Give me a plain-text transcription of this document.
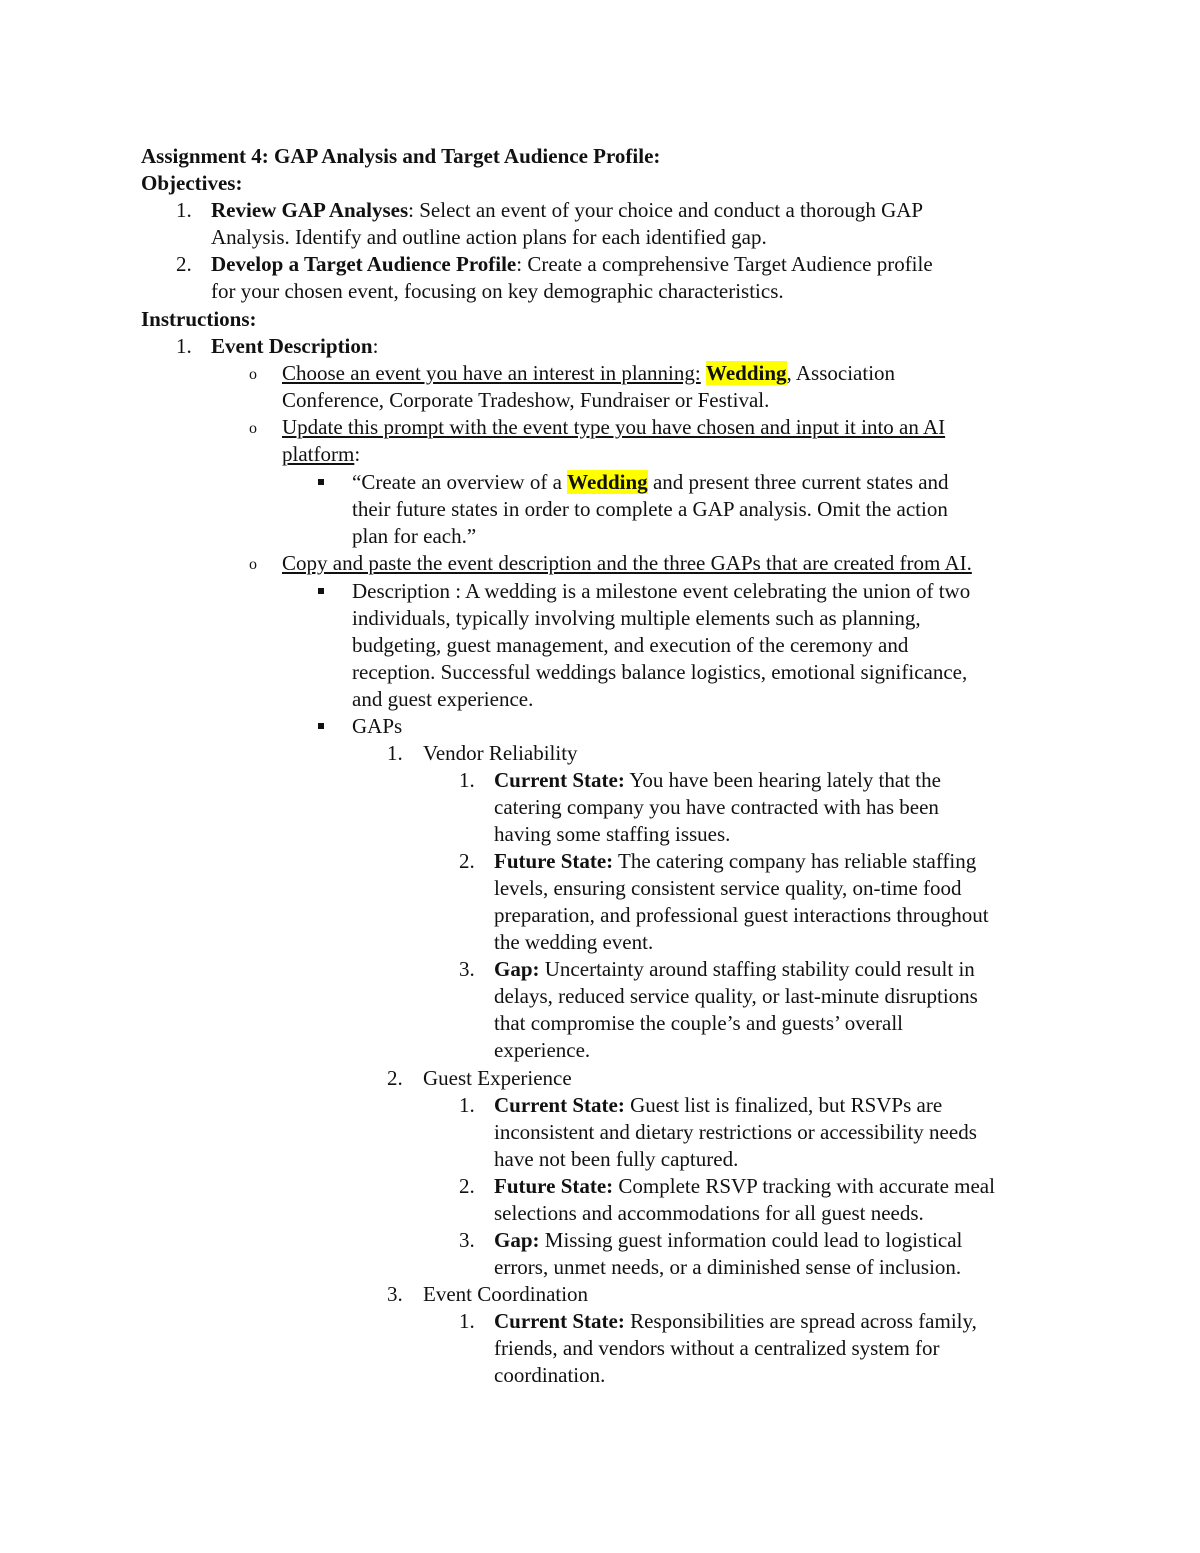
Assignment 4: GAP Analysis and Target Audience Profile:
Objectives:
1. Review GAP Analyses: Select an event of your choice and conduct a thorough GAP
Analysis. Identify and outline action plans for each identified gap.
2. Develop a Target Audience Profile: Create a comprehensive Target Audience profile
for your chosen event, focusing on key demographic characteristics.
Instructions:
1. Event Description:
o Choose an event you have an interest in planning: Wedding, Association
Conference, Corporate Tradeshow, Fundraiser or Festival.
o Update this prompt with the event type you have chosen and input it into an AI
platform:
“Create an overview of a Wedding and present three current states and
their future states in order to complete a GAP analysis. Omit the action
plan for each.”
o Copy and paste the event description and the three GAPs that are created from AI.
Description : A wedding is a milestone event celebrating the union of two
individuals, typically involving multiple elements such as planning,
budgeting, guest management, and execution of the ceremony and
reception. Successful weddings balance logistics, emotional significance,
and guest experience.
GAPs
1. Vendor Reliability
1. Current State: You have been hearing lately that the
catering company you have contracted with has been
having some staffing issues.
2. Future State: The catering company has reliable staffing
levels, ensuring consistent service quality, on-time food
preparation, and professional guest interactions throughout
the wedding event.
3. Gap: Uncertainty around staffing stability could result in
delays, reduced service quality, or last-minute disruptions
that compromise the couple’s and guests’ overall
experience.
2. Guest Experience
1. Current State: Guest list is finalized, but RSVPs are
inconsistent and dietary restrictions or accessibility needs
have not been fully captured.
2. Future State: Complete RSVP tracking with accurate meal
selections and accommodations for all guest needs.
3. Gap: Missing guest information could lead to logistical
errors, unmet needs, or a diminished sense of inclusion.
3. Event Coordination
1. Current State: Responsibilities are spread across family,
friends, and vendors without a centralized system for
coordination.
